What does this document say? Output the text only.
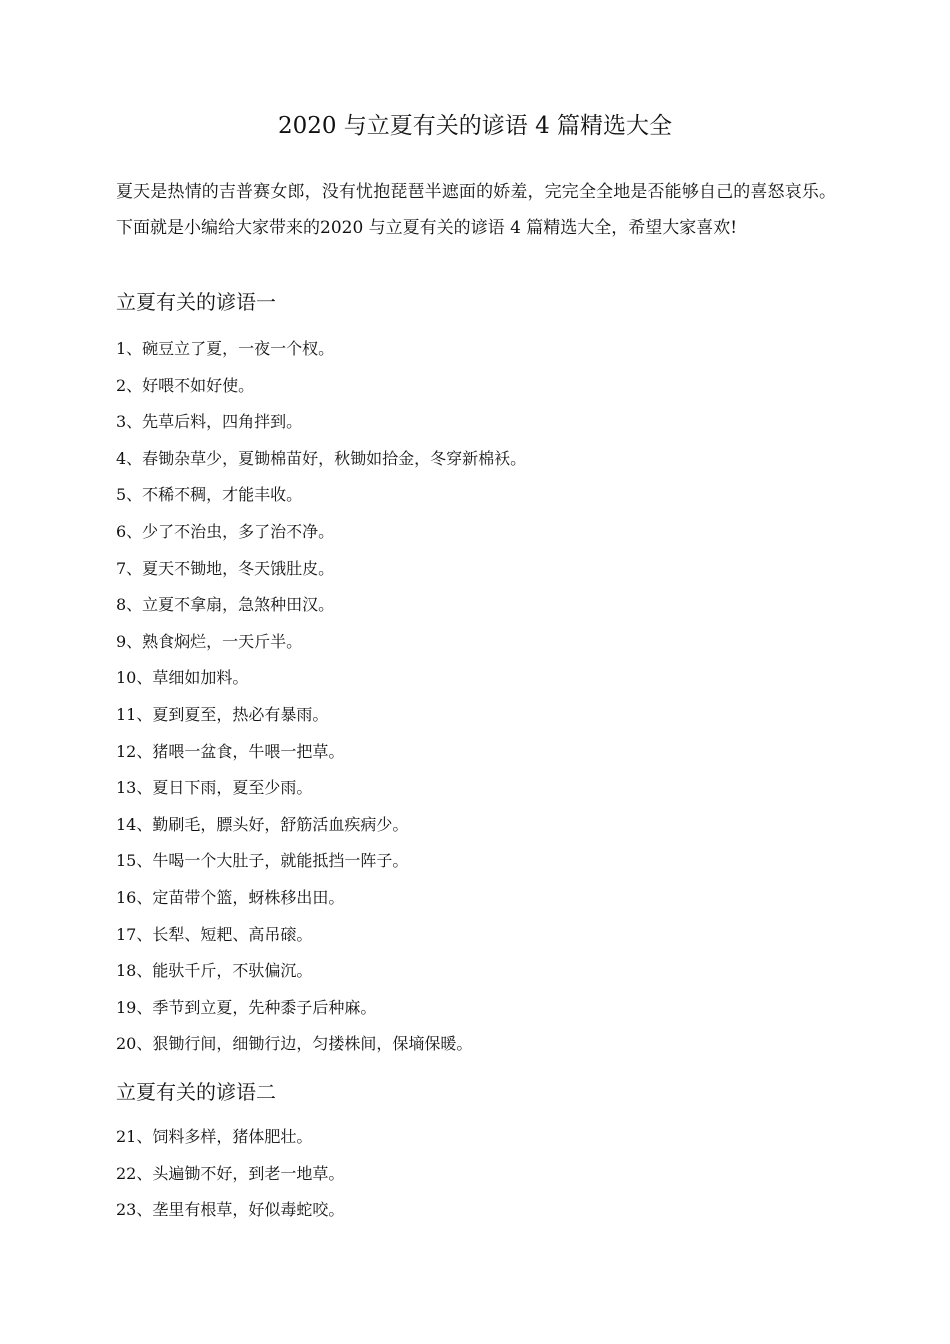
2020 与立夏有关的谚语 4 篇精选大全

夏天是热情的吉普赛女郎，没有忧抱琵琶半遮面的娇羞，完完全全地是否能够自己的喜怒哀乐。下面就是小编给大家带来的2020 与立夏有关的谚语 4 篇精选大全，希望大家喜欢!

立夏有关的谚语一
1、碗豆立了夏，一夜一个杈。
2、好喂不如好使。
3、先草后料，四角拌到。
4、春锄杂草少，夏锄棉苗好，秋锄如拾金，冬穿新棉袄。
5、不稀不稠，才能丰收。
6、少了不治虫，多了治不净。
7、夏天不锄地，冬天饿肚皮。
8、立夏不拿扇，急煞种田汉。
9、熟食焖烂，一天斤半。
10、草细如加料。
11、夏到夏至，热必有暴雨。
12、猪喂一盆食，牛喂一把草。
13、夏日下雨，夏至少雨。
14、勤刷毛，膘头好，舒筋活血疾病少。
15、牛喝一个大肚子，就能抵挡一阵子。
16、定苗带个篮，蚜株移出田。
17、长犁、短耙、高吊磙。
18、能驮千斤，不驮偏沉。
19、季节到立夏，先种黍子后种麻。
20、狠锄行间，细锄行边，匀搂株间，保墒保暖。
立夏有关的谚语二
21、饲料多样，猪体肥壮。
22、头遍锄不好，到老一地草。
23、垄里有根草，好似毒蛇咬。
